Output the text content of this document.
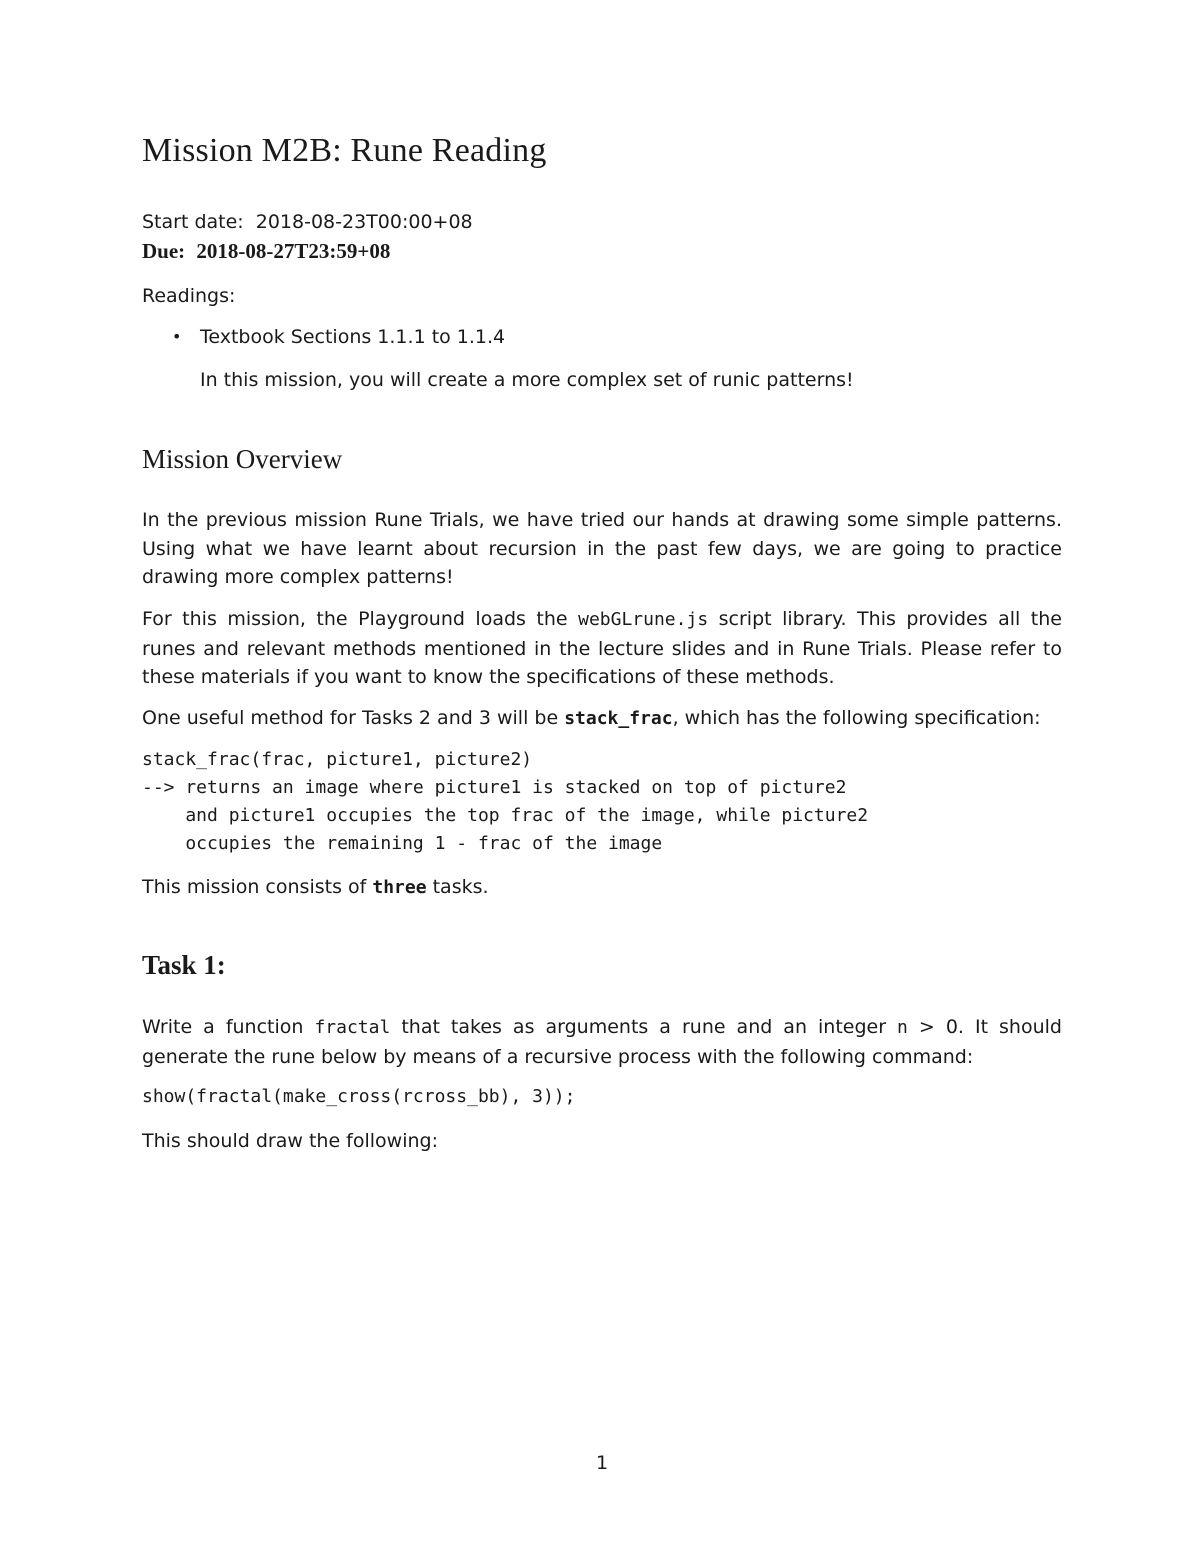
Mission M2B: Rune Reading
Start date: 2018-08-23T00:00+08
Due: 2018-08-27T23:59+08
Readings:
• Textbook Sections 1.1.1 to 1.1.4
In this mission, you will create a more complex set of runic patterns!
Mission Overview

In the previous mission Rune Trials, we have tried our hands at drawing some simple patterns. Using what we have learnt about recursion in the past few days, we are going to practice drawing more complex patterns!

For this mission, the Playground loads the webGLrune.js script library. This provides all the runes and relevant methods mentioned in the lecture slides and in Rune Trials. Please refer to these materials if you want to know the specifications of these methods.

One useful method for Tasks 2 and 3 will be stack_frac, which has the following specification:

stack_frac(frac, picture1, picture2)
--> returns an image where picture1 is stacked on top of picture2
and picture1 occupies the top frac of the image, while picture2
occupies the remaining 1 - frac of the image

This mission consists of three tasks.

Task 1:

Write a function fractal that takes as arguments a rune and an integer n > 0. It should generate the rune below by means of a recursive process with the following command:

show(fractal(make_cross(rcross_bb), 3));

This should draw the following:

1
